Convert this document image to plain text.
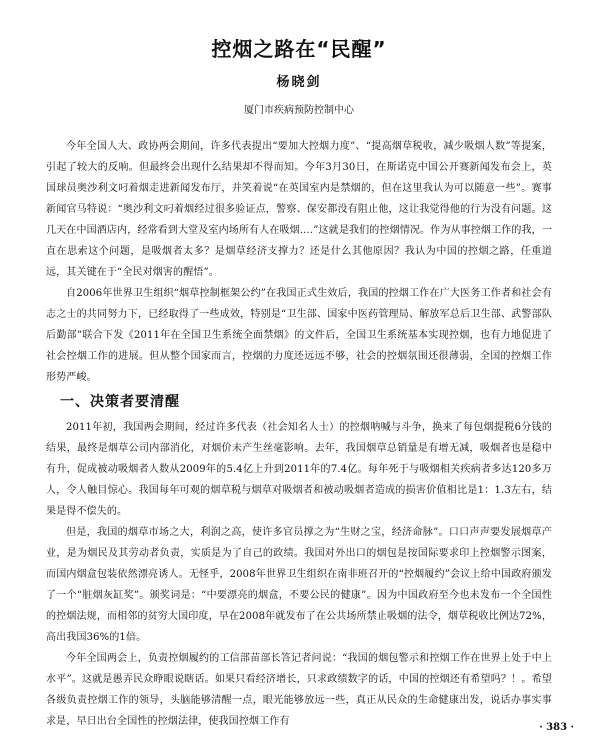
控烟之路在“民醒”
杨晓剑
厦门市疾病预防控制中心

今年全国人大、政协两会期间，许多代表提出“要加大控烟力度”、“提高烟草税收，减少吸烟人数”等提案，引起了较大的反响。但最终会出现什么结果却不得而知。今年3月30日，在斯诺克中国公开赛新闻发布会上，英国球员奥沙利文叼着烟走进新闻发布厅，并笑着说“在英国室内是禁烟的，但在这里我认为可以随意一些”。赛事新闻官马特说：“奥沙利文叼着烟经过很多验证点，警察、保安都没有阻止他，这让我觉得他的行为没有问题。这几天在中国酒店内，经常看到大堂及室内场所有人在吸烟….”这就是我们的控烟情况。作为从事控烟工作的我，一直在思索这个问题，是吸烟者太多？是烟草经济支撑力？还是什么其他原因？我认为中国的控烟之路，任重道远，其关键在于“全民对烟害的醒悟”。

自2006年世界卫生组织“烟草控制框架公约”在我国正式生效后，我国的控烟工作在广大医务工作者和社会有志之士的共同努力下，已经取得了一些成效，特别是“卫生部、国家中医药管理局、解放军总后卫生部、武警部队后勤部”联合下发《2011年在全国卫生系统全面禁烟》的文件后，全国卫生系统基本实现控烟，也有力地促进了社会控烟工作的进展。但从整个国家而言，控烟的力度还远远不够，社会的控烟氛围还很薄弱，全国的控烟工作形势严峻。

一、决策者要清醒

2011年初，我国两会期间，经过许多代表（社会知名人士）的控烟呐喊与斗争，换来了每包烟提税6分钱的结果，最终是烟草公司内部消化，对烟价未产生丝毫影响。去年，我国烟草总销量是有增无减，吸烟者也是稳中有升，促成被动吸烟者人数从2009年的5.4亿上升到2011年的7.4亿。每年死于与吸烟相关疾病者多达120多万人，令人触目惊心。我国每年可观的烟草税与烟草对吸烟者和被动吸烟者造成的损害价值相比是1：1.3左右，结果是得不偿失的。

但是，我国的烟草市场之大，利润之高，使许多官员撑之为“生财之宝，经济命脉”。口口声声要发展烟草产业，是为烟民及其劳动者负责，实质是为了自己的政绩。我国对外出口的烟包是按国际要求印上控烟警示图案，而国内烟盒包装依然漂亮诱人。无怪乎，2008年世界卫生组织在南非班召开的“控烟履约”会议上给中国政府颁发了一个“脏烟灰缸奖”。颁奖词是：“中要漂亮的烟盒，不要公民的健康”。因为中国政府至今也未发布一个全国性的控烟法规，而相邻的贫穷大国印度，早在2008年就发布了在公共场所禁止吸烟的法令，烟草税收比例达72%，高出我国36%的1倍。

今年全国两会上，负责控烟履约的工信部苗部长答记者问说：“我国的烟包警示和控烟工作在世界上处于中上水平”。这就是愚弄民众睁眼说瞎话。如果只看经济增长，只求政绩数字的话，中国的控烟还有希望吗？！。希望各级负责控烟工作的领导，头脑能够清醒一点，眼光能够放远一些，真正从民众的生命健康出发，说话办事实事求是，早日出台全国性的控烟法律，使我国控烟工作有

· 383 ·
